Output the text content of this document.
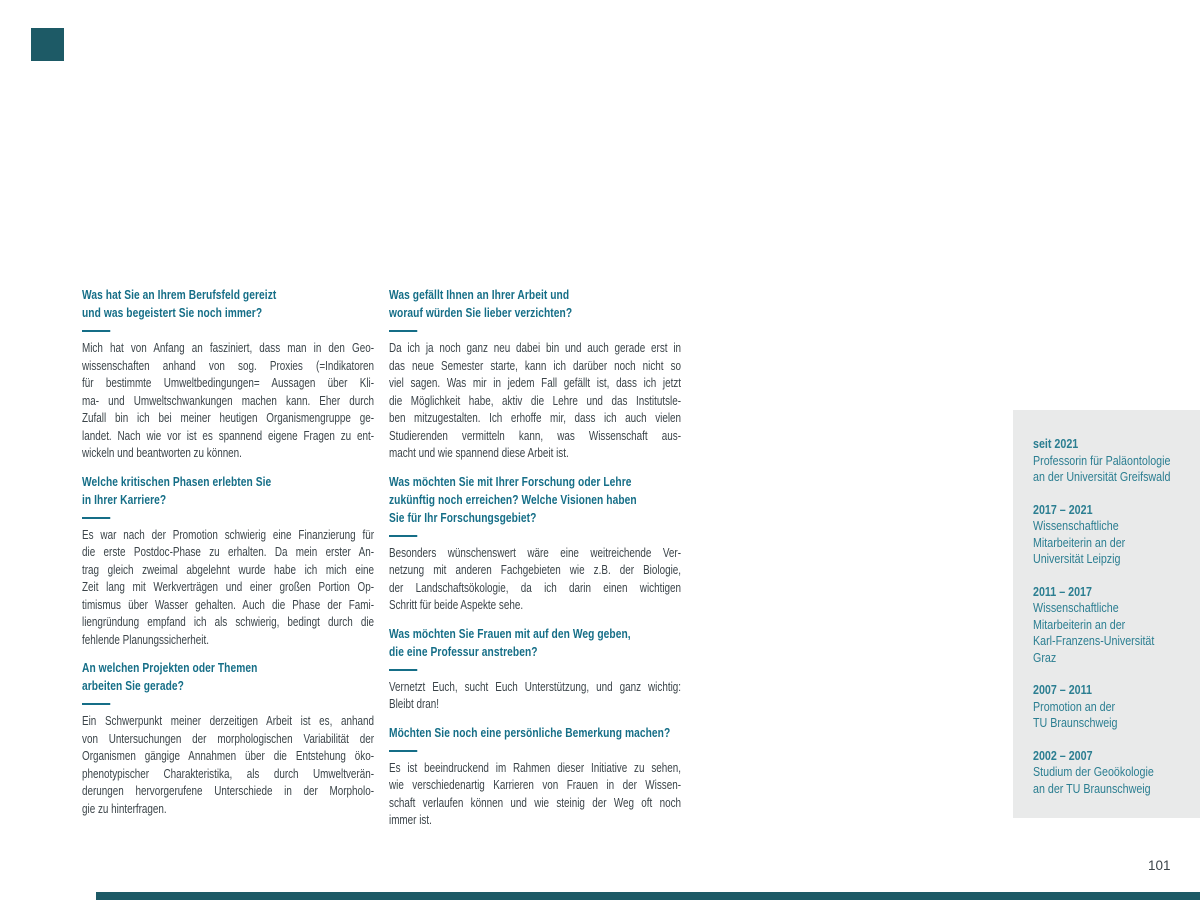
Was hat Sie an Ihrem Berufsfeld gereizt
und was begeistert Sie noch immer?
Mich hat von Anfang an fasziniert, dass man in den Geo-
wissenschaften anhand von sog. Proxies (=Indikatoren
für bestimmte Umweltbedingungen= Aussagen über Kli-
ma- und Umweltschwankungen machen kann. Eher durch
Zufall bin ich bei meiner heutigen Organismengruppe ge-
landet. Nach wie vor ist es spannend eigene Fragen zu ent-
wickeln und beantworten zu können.
Welche kritischen Phasen erlebten Sie
in Ihrer Karriere?
Es war nach der Promotion schwierig eine Finanzierung für
die erste Postdoc-Phase zu erhalten. Da mein erster An-
trag gleich zweimal abgelehnt wurde habe ich mich eine
Zeit lang mit Werkverträgen und einer großen Portion Op-
timismus über Wasser gehalten. Auch die Phase der Fami-
liengründung empfand ich als schwierig, bedingt durch die
fehlende Planungssicherheit.
An welchen Projekten oder Themen
arbeiten Sie gerade?
Ein Schwerpunkt meiner derzeitigen Arbeit ist es, anhand
von Untersuchungen der morphologischen Variabilität der
Organismen gängige Annahmen über die Entstehung öko-
phenotypischer Charakteristika, als durch Umweltverän-
derungen hervorgerufene Unterschiede in der Morpholo-
gie zu hinterfragen.
Was gefällt Ihnen an Ihrer Arbeit und
worauf würden Sie lieber verzichten?
Da ich ja noch ganz neu dabei bin und auch gerade erst in
das neue Semester starte, kann ich darüber noch nicht so
viel sagen. Was mir in jedem Fall gefällt ist, dass ich jetzt
die Möglichkeit habe, aktiv die Lehre und das Institutsle-
ben mitzugestalten. Ich erhoffe mir, dass ich auch vielen
Studierenden vermitteln kann, was Wissenschaft aus-
macht und wie spannend diese Arbeit ist.
Was möchten Sie mit Ihrer Forschung oder Lehre
zukünftig noch erreichen? Welche Visionen haben
Sie für Ihr Forschungsgebiet?
Besonders wünschenswert wäre eine weitreichende Ver-
netzung mit anderen Fachgebieten wie z.B. der Biologie,
der Landschaftsökologie, da ich darin einen wichtigen
Schritt für beide Aspekte sehe.
Was möchten Sie Frauen mit auf den Weg geben,
die eine Professur anstreben?
Vernetzt Euch, sucht Euch Unterstützung, und ganz wichtig:
Bleibt dran!
Möchten Sie noch eine persönliche Bemerkung machen?
Es ist beeindruckend im Rahmen dieser Initiative zu sehen,
wie verschiedenartig Karrieren von Frauen in der Wissen-
schaft verlaufen können und wie steinig der Weg oft noch
immer ist.
seit 2021
Professorin für Paläontologie
an der Universität Greifswald
2017 – 2021
Wissenschaftliche
Mitarbeiterin an der
Universität Leipzig
2011 – 2017
Wissenschaftliche
Mitarbeiterin an der
Karl-Franzens-Universität
Graz
2007 – 2011
Promotion an der
TU Braunschweig
2002 – 2007
Studium der Geoökologie
an der TU Braunschweig
101
